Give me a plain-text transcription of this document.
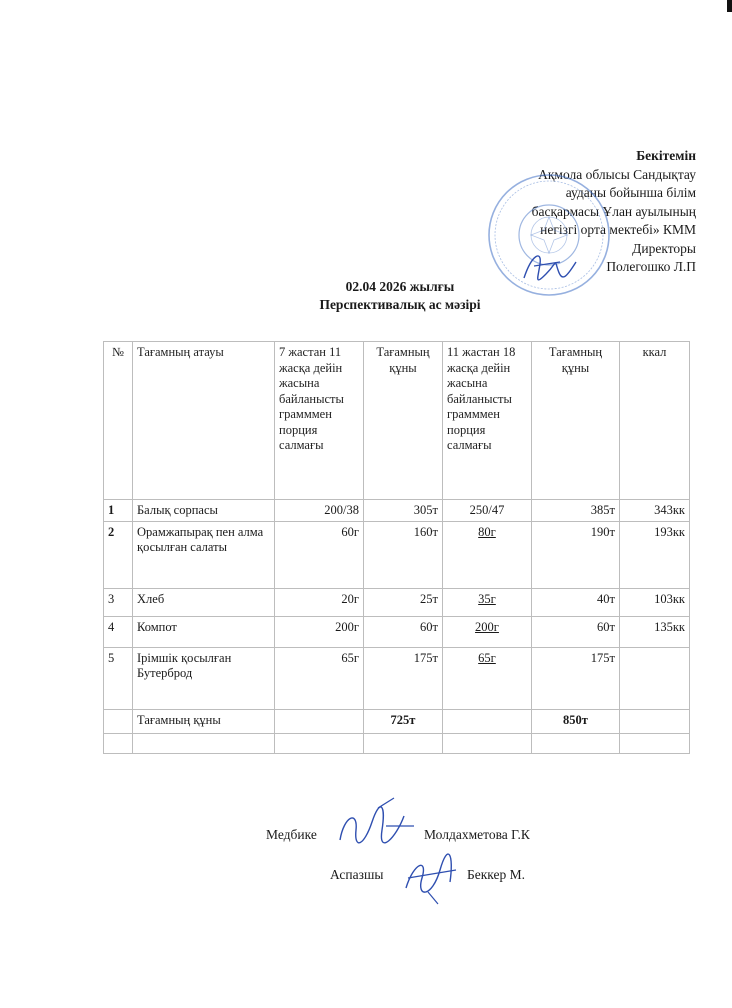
Бекітемін
Ақмола облысы Сандықтау
ауданы бойынша білім
басқармасы Ұлан ауылының
негізгі орта мектебі» КММ
Директоры
Полегошко Л.П
02.04 2026 жылғы
Перспективалық ас мәзірі
№	Тағамның атауы	7 жастан 11 жасқа дейін жасына байланысты грамммен порция салмағы	Тағамның құны	11 жастан 18 жасқа дейін жасына байланысты грамммен порция салмағы	Тағамның құны	ккал
1	Балық сорпасы	200/38	305т	250/47	385т	343кк
2	Орамжапырақ пен алма қосылған салаты	60г	160т	80г	190т	193кк
3	Хлеб	20г	25т	35г	40т	103кк
4	Компот	200г	60т	200г	60т	135кк
5	Ірімшік қосылған Бутерброд	65г	175т	65г	175т	
	Тағамның құны		725т		850т	

Медбике	Молдахметова Г.К
Аспазшы	Беккер М.
